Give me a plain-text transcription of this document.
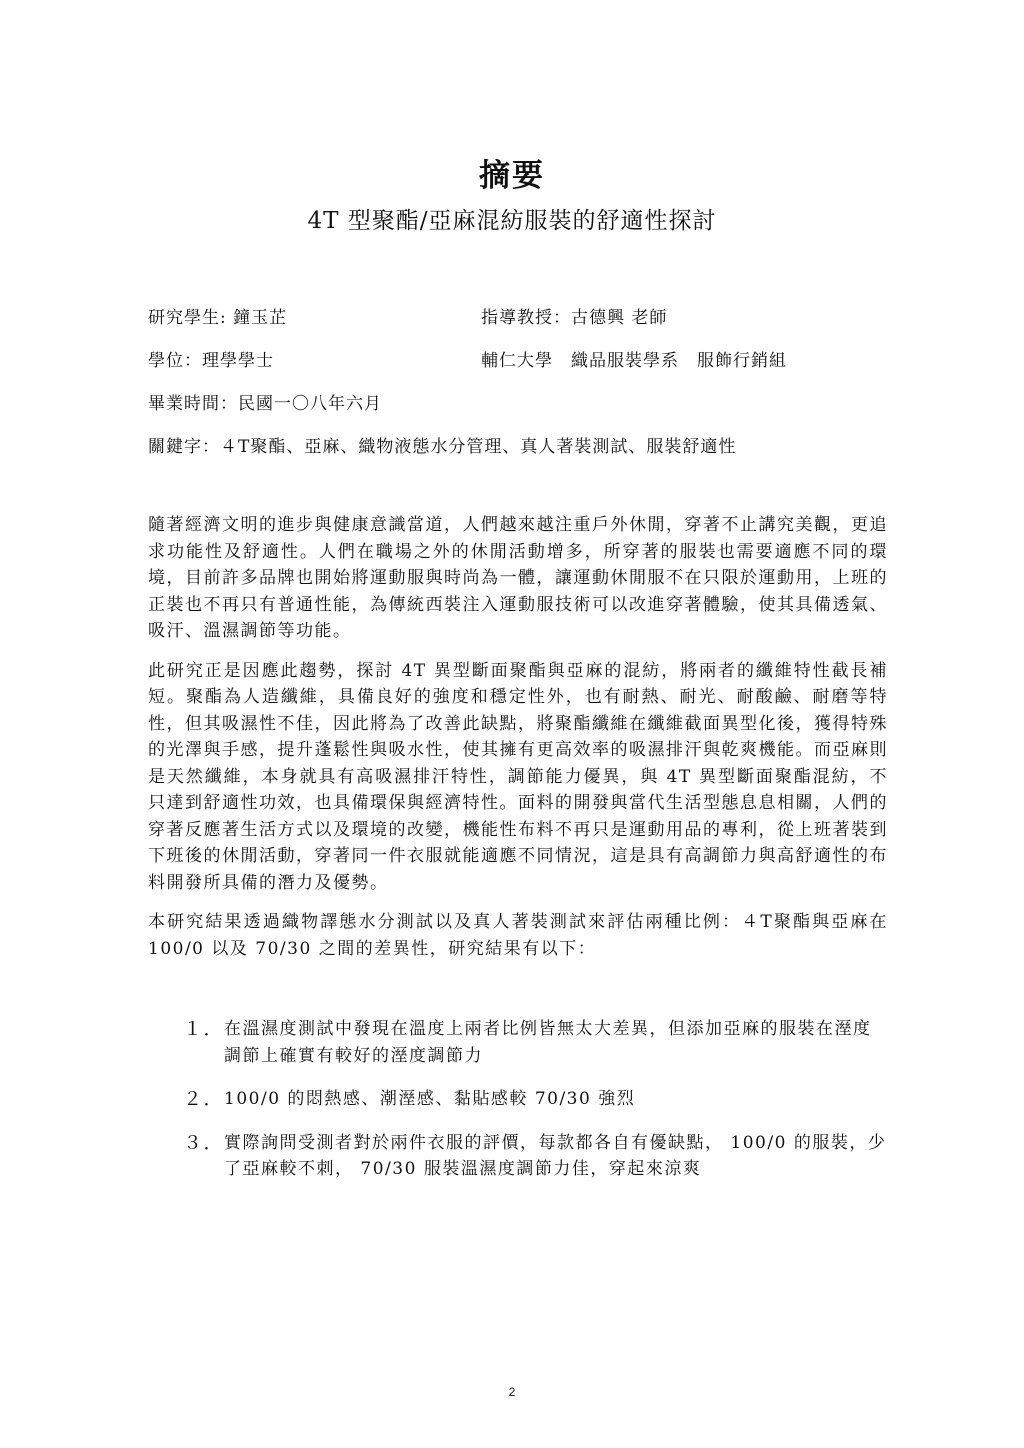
摘要
4T 型聚酯/亞麻混紡服裝的舒適性探討
研究學生: 鐘玉芷	指導教授：古德興 老師
學位：理學學士	輔仁大學　織品服裝學系　服飾行銷組
畢業時間：民國一〇八年六月
關鍵字：４T聚酯、亞麻、織物液態水分管理、真人著裝測試、服裝舒適性

隨著經濟文明的進步與健康意識當道，人們越來越注重戶外休閒，穿著不止講究美觀，更追求功能性及舒適性。人們在職場之外的休閒活動增多，所穿著的服裝也需要適應不同的環境，目前許多品牌也開始將運動服與時尚為一體，讓運動休閒服不在只限於運動用，上班的正裝也不再只有普通性能，為傳統西裝注入運動服技術可以改進穿著體驗，使其具備透氣、吸汗、溫濕調節等功能。

此研究正是因應此趨勢，探討 4T 異型斷面聚酯與亞麻的混紡，將兩者的纖維特性截長補短。聚酯為人造纖維，具備良好的強度和穩定性外，也有耐熱、耐光、耐酸鹼、耐磨等特性，但其吸濕性不佳，因此將為了改善此缺點，將聚酯纖維在纖維截面異型化後，獲得特殊的光澤與手感，提升蓬鬆性與吸水性，使其擁有更高效率的吸濕排汗與乾爽機能。而亞麻則是天然纖維，本身就具有高吸濕排汗特性，調節能力優異，與 4T 異型斷面聚酯混紡，不只達到舒適性功效，也具備環保與經濟特性。面料的開發與當代生活型態息息相關，人們的穿著反應著生活方式以及環境的改變，機能性布料不再只是運動用品的專利，從上班著裝到下班後的休閒活動，穿著同一件衣服就能適應不同情況，這是具有高調節力與高舒適性的布料開發所具備的潛力及優勢。

本研究結果透過織物譯態水分測試以及真人著裝測試來評估兩種比例：４T聚酯與亞麻在 100/0 以及 70/30 之間的差異性，研究結果有以下：

１． 在溫濕度測試中發現在溫度上兩者比例皆無太大差異，但添加亞麻的服裝在溼度調節上確實有較好的溼度調節力
２． 100/0 的悶熱感、潮溼感、黏貼感較 70/30 強烈
３． 實際詢問受測者對於兩件衣服的評價，每款都各自有優缺點， 100/0 的服裝，少了亞麻較不刺， 70/30 服裝溫濕度調節力佳，穿起來涼爽
2
